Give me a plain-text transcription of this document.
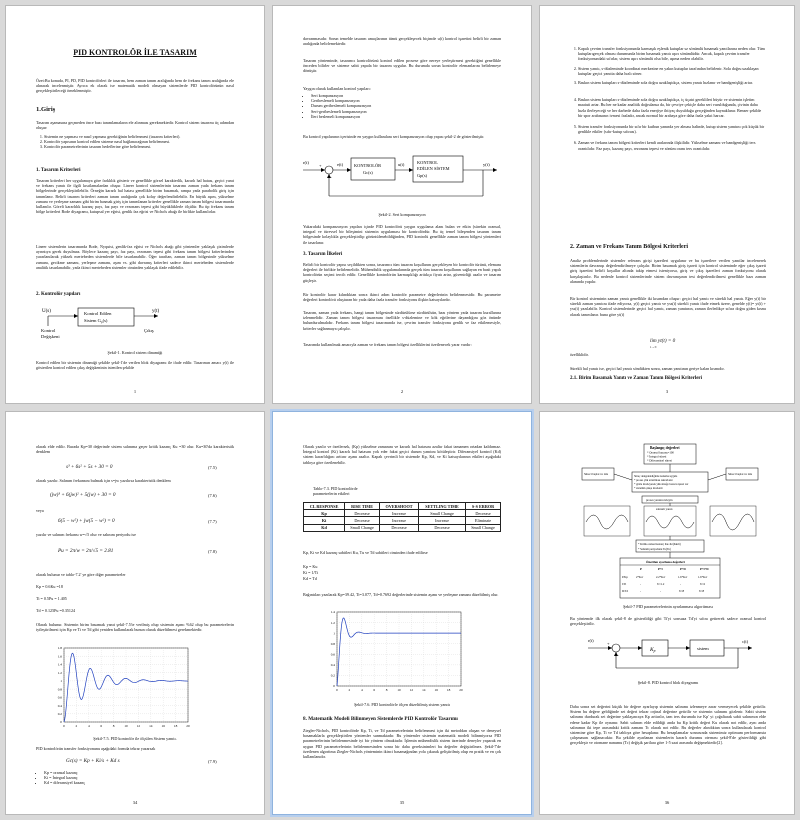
PID KONTROLÖR İLE TASARIM
Özet:Bu konuda, PI, PD, PID kontrolörleri ile tasarım, hem zaman tanım aralığında hem de frekans tanım aralığında ele alınarak incelenmiştir. Ayrıca ek olarak ise matematik modeli olmayan sistemlerde PID kontrolörünün nasıl gerçekleştirileceği örneklenmiştir.
1.Giriş
Tasarım aşamasına geçmeden önce bazı tanımlamaların ele alınması gerekmektedir. Kontrol sistem tasarımı üç adımdan oluşur:
1. Sistemin ne yapması ve nasıl yapması gerektiğinin belirlenmesi (tasarım kriterleri).
2. Kontrolör yapısının kontrol edilen sisteme nasıl bağlanacağının belirlenmesi.
3. Kontrolör parametrelerinin tasarım hedeflerine göre belirlenmesi.
1. Tasarım Kriterleri
Tasarım kriterleri her uygulamaya göre farklılık gösterir ve genellikle görsel karakterlik, kararlı hal hatası, geçici yanıt ve frekans yanıtı ile ilgili kısıtlamalardan oluşur. Lineer kontrol sistemlerinin tasarımı zaman yada frekans tanım bölgelerinde gerçekleştirilebilir. Örneğin kararlı hal hatası genellikle birim basamak, rampa yada parabolik giriş için tanımlanır. Belirli tasarım kriterleri zaman tanım aralığında çok kolay değerlendirilebilir. En büyük aşım, yükselme zamanı ve yerleşme zamanı gibi birim basmak giriş için tanımlanan kriterler genellikle zaman tanım bölgesi tasarımında kullanılır. Göreli kararlılık kazanç payı, faz payı ve rezonans tepesi gibi büyüklüklerle ölçülür. Bu tip frekans tanım bölge kriterleri Bode diyagramı, kutupsal yer eğrisi, genlik faz eğrisi ve Nichols abağı ile birlikte kullanılırlar.
Lineer sistemlerin tasarımında Bode, Nyquist, genlik-faz eğrisi ve Nichols abağı gibi yöntemler yaklaşık çizimlerde ayrıntıya gerek duyulmaz. Böylece kazanç payı, faz payı, rezonans tepesi gibi frekans tanım bölgesi kriterlerinden yararlanılarak yüksek mertebeden sistemlerde bile tasarlanabilir. Öğer taraftan, zaman tanım bölgesinde yükselme zamanı, gecikme zamanı, yerleşme zamanı, aşım vs. gibi davranış kriterleri sadece ikinci mertebeden sistemlerde analitik tasarlanabilir, yada ikinci mertebeden sistemler cinsinden yaklaşık ifade edilebilir.
2. Kontrolör yapıları
U(s)	Kontrol Edilen
Sistem $G_p(s)$
y(t)
Kontrol
Değişkeni
Çıkış
Şekil-1. Kontrol sistem dinamiği
Kontrol edilen bir sistemin dinamiği şekilde şekil-1'de verilen blok diyagramı ile ifade edilir. Tasarımın amacı y(t) ile gösterilen kontrol edilen çıkış değişkeninin istenilen şekilde
1
davranmasıdır. Sorun temelde tasarım amaçlarının tümü gerçekleşecek biçimde u(t) kontrol işaretini belirli bir zaman aralığında belirlemektedir.
Tasarım yönteminde, tasarımcı kontrolörünü kontrol edilen prosese göre nereye yerleştirmesi gerektiğini genellikle önceden bilirler ve sisteme sabit yapıda bir tasarım uygular. Bu durumda sorun kontrolör elemanlarını belirlemeye dönüşür.
Yaygın olarak kullanılan kontrol yapıları:
• Seri kompanzasyon
• Geribeslemeli kompanzasyon
• Durum geribeslemeli kompanzasyon
• Seri-geribeslemeli kompanzasyon
• İleri beslemeli kompanzasyon
Bu kontrol yapılarının içerisinde en yaygın kullanılanı seri kompanzasyon olup yapısı şekil-2 de gösterilmiştir.
r(t)
+
-
e(t) KONTROLÖR
Gc(s)
u(t)	KONTROL
EDİLEN SİSTEM
Gp(s)
y(t)
Şekil-2. Seri kompanzasyon
Yukarıdaki kompanzasyon yapıları içinde PID kontrolörü yaygın uygulama alanı bulan ve etkin (sürekin oransal, integral ve türevsel bir bileşimini sistemin uygulaması bir kontrolördür. Bu üç temel bileşenden tasarım tanım bölgesinde kolaylıkla gerçekleştirilip görüntülenebildiğinden, PID kontrolü genellikle zaman tanım bölgesi yöntemleri ile tasarlanır.
3. Tasarım İlkeleri
Belirli bir kontrolör yapısı seçildikten sonra, tasarımcı tüm tasarım koşullarını gerçekleyen bir kontrolör türünü, elemanı değerleri ile birlikte belirlemelidir. Mühendislik uygulamalarında gerçek tüm tasarım koşullarını sağlayan en basit yapılı kontrolörün seçimi tercih edilir. Genellikle kontrolörün karmaşıklığı arttıkça fiyatı artar, güvenirliği azalır ve tasarım güçleşir.
Bir kontrolör karar kılındıktan sonra ikinci adım kontrolör parametre değerlerinin belirlenmesidir. Bu parametre değerleri kontrolörü oluşturan bir yada daha fazla transfer fonksiyonu ilişkin katsayılardır.
Tasarım, zaman yada frekans, hangi tanım bölgesinde sürdürülürse sürdürülsün, bazı yöntem yada tasarım kurallarına izlenmelidir. Zaman tanım bölgesi tasarımını özellikle s-düzlemine ve kök eğrilerine dayandığını göz önünde bulundurulmalıdır. Frekans tanım bölgesi tasarımında ise, çevrim transfer fonksiyonu genlik ve faz etkilemesiyle, kriterler sağlanmaya çalışılır.
Tasarımda kullanılmak amacıyla zaman ve frekans tanım bölgesi özelliklerini özetlenecek yarar vardır:
2
1. Kapalı çevrim transfer fonksiyonunda karmaşık eşlenik kutuplar sz sönümlü basamak yanıtlarına neden olur. Tüm kutuplarıgerçek olması durumunda birim basamak yanıtı aşırı sönümlüdür. Ancak, kapalı çevrim transfer fonksiyonundaki sıfırlar, sistem aşırı sönümlü olsa bile, aşıma neden olabilir.
2. Sistem yanıtı, s-düzleminde koordinat merkezine en yakın kutuplar tarafından belirlenir. Sola doğru uzaklaşan kutuplar geçici yanıtta daha hızlı söner.
3. Baskın sistem kutupları s-düzleminde sola doğru uzaklaştıkça, sistem yanıtı hızlanır ve bandgenişliği artar.
4. Baskın sistem kutupları s-düzleminde sola doğru uzaklaştıkça, iç üçatıt gereklileri büyür ve sistemin işletim maaiuti artar. Bu her ne kadar analitik doğrulansa da, bir çevriye çekiçle daha sert vurulduğunda, çivinin daha hızla ilerleyeceği ve her darbede daha fazla enerjiye ihtiyaç duyulduğu gerçeğinden kaynaklanır. Benzer şekilde bir spor arabasının ivmesi fazladır, ancak normal bir arabaya göre daha fazla yakıt harcar.
5. Sistem transfer fonksiyonunda bir sıfır bir kutbun yanında yer alması halinde, kutup sistem yanıtını çok küçük bir genlikle etkiler (sıfır-kutup sıfırası).
6. Zaman ve frekans tanım bölgesi kriterleri kendi aralarında ilişkilidir. Yükselme zamanı ve bandgenişliği ters orantılıdır. Faz payı, kazanç payı, rezonans tepesi ve sönüm oranı ters orantılıdır.
2. Zaman ve Frekans Tanım Bölgesi Kriterleri
Analiz problemlerinde sistemler referans girişi işaretleri uygulanır ve bu işaretlere verilen yanıtlar incelenerek sistemlerin davranışı değerlendirilmeye çalışılır. Birim basamak giriş işareti için kontrol sisteminde eğer çıkış işareti giriş işaretini belirli koşullar altında takip etmesi isteniyorsa, giriş ve çıkış işaretleri zaman fonksiyonu olarak karşılaştırılır. Bu nedenle kontrol sistemlerinde sistem davranışının test değerlendirilmesi genellikle bazı zaman alanında yapılır.
Bir kontrol sisteminin zaman yanıtı genellikle iki kısımdan oluşur: geçici hal yanıtı ve sürekli hal yanıtı. Eğer y(t) bir sürekli zaman yanıtını ifade ediyorsa, y(t) geçici yanıtı ve yss(t) sürekli yanıtı ifade etmek üzere, genelde y(t)= yt(t) + yss(t) yazılabilir. Kontrol sistemlerinde geçici hal yanıtı, zaman yanıtının, zaman ilerledikçe sıfıra doğru giden kısmı olarak tanımlanır. buna göre yt(t)
lim yt(t) = 0
t→∞
özelliklidir.
Sürekli hal yanıtı ise, geçici hal yanıtı söndükten sonra, zaman yanıtının geriye kalan kısmıdır.
2.1. Birim Basamak Yanıtı ve Zaman Tanım Bölgesi Kriterleri
3
olarak elde edilir. Burada Kp=30 değerinde sistem salınıma geçer kritik kazanç Ku =30 olur. Ku=30'da karakteristik denklem
s³ + 6s² + 5s + 30 = 0	(7.5)
olarak yazılır. Salınım frekansını bulmak için s=jw yazılırsa karakteristik denklem
(jw)³ + 6(jw)² + 5(jw) + 30 = 0	(7.6)
veya
6(5 − w²) + jw(5 − w²) = 0	(7.7)
yazılır ve salınım frekansı w=√5 olur ve salınım periyodu ise
Pu = 2π/w = 2π/√5 = 2.81	(7.8)
olarak bulunur ve tablo-7.2' ye göre diğer parametreler
Kp = 0.6Ku =18
Ti = 0.5Pu = 1.405
Td = 0.125Pu =0.35124
Olarak bulunur. Sistemin birim basamak yanıt şekil-7.5'te verilmiş olup sistemin aşımı %62 olup bu parametrelerin iyileştirilmesi için Kp ve Ti ve Td gibi yeniden kullanılarak bunun olarak düzeltilmesi gerekmektedir.
1.8
1.6
1.4
1.2
1
0.8
0.6
0.4
0.2
0
0	2	4	6	8	10	12	14	16	18	20
Şekil-7.5. PID kontrolör ile ölçülen Sistem yanıtı.
PID kontrolörün transfer fonksiyonunu aşağıdaki formda tekrar yazarsak
Gc(s) = Kp + Ki/s + Kd s	(7.9)
• Kp = oransal kazanç
• Ki = İntegral kazanç
• Kd = diferansiyel kazanç
34
Olarak yazılır ve özetlersek, (Kp) yükselme zamanını ve kararlı hal hatasını azaltır fakat tamamen ortadan kaldırmaz. İntegral kontrol (Ki) kararlı hal hatasını yok eder fakat geçici durum yanıtını kötüleştirir. Diferansiyel kontrol (Kd) sistem kararlılığını arttırır aşımı azaltır. Kapalı çevrimli bir sistemde Kp, Kd, ve Ki katsayılarının etkileri aşağıdaki tabloya göre özetlenebilir.
Tablo-7.3. PID kontrolörde
parametrelerin etkileri
CL RESPONSE	RISE TIME	OVERSHOOT	SETTLING TIME	S-S ERROR
Kp	Decrease	Increase	Small Change	Decrease
Ki	Decrease	Increase	Increase	Eliminate
Kd	Small Change	Decrease	Decrease	Small Change
Kp, Ki ve Kd kazanç sabitleri Ku, Tu ve Td sabitleri cinsinden ifade edilirse
Kp = Ku
Ki = 1/Ti
Kd = Td
Bağıntıları yazılarak Kp=39.42, Ti=3.077, Td=0.7692 değerlerinde sistemin aşımı ve yerleşme zamanı düzeltilmiş olur.
1.4
1.2
1
0.8
0.6
0.4
0.2
0
0	2	4	6	8	10	12	14	16	18	20
Şekil-7.6. PID kontrolörle ölçen düzeltilmiş sistem yanıtı
8. Matematik Modeli Bilinmeyen Sistemlerde PID Kontrolör Tasarımı
Ziegler-Nichols, PID kontrolörde Kp, Ti, ve Td parametrelerinin belirlenmesi için iki metoddan oluşan ve deneysel basamaklarla gerçekleştirilen yöntemler sunmaktadır. Bu yöntemler sistemin matematik modeli bilinmiyorsa PID parametrelerinin belirlenmesinde iyi bir yöntem olmaktadır. İşlemin mühendislik sistem üzerinde deneyler yaparak en uygun PID parametrelerinin belirlenmesinden sonra bir daha gereksinimleri bu değerler değiştirilmez. Şekil-7'de özetlenen algoritma Ziegler-Nichols yönteminin ikinci basamağından yola çıkarak geliştirilmiş olup en pratik ve en çok kullanılanıdır.
35
Başlangıç değerleri
* Oransal kazanç=100
* İntegral süresi
* Diferansiyel süresi
Süreci başlat ve izle	Süreci başlat ve izle
Süreç dengelendiğinde kademe uygula
* proses yük artırılması tekrarlanır
* gözle inceleyerek yük süreğe bozucu işaret ver
* sistemin çıkışı incelenir
proses yanıtını izleyin
salınım yanıtı
* Kritik oransal kazanç Ku=Kc(Kkrit)
* Salınım periyodunu Tu(Tu)
Önerilen ayarlama değerleri
P	P+I	P+D	P+I+D
P/Kp	2*Kcr	2.2*Kcr	1.6*Kcr	1.6*Kcr
I/Ti	-	Tc/1.2	-	Tc/2
D/Td	-	-	Tc/8	Tc/8
Şekil-7 PID parametrelerinin ayarlanması algoritması
Bu yöntemde ilk olarak şekil-8 de gösterildiği gibi Ti'yi sonsuza Td'yi sıfıra getirerek sadece oransal kontrol gerçekleştirilir.
r(t)
+
-
$K_p$
sistem
c(t)
Şekil-8. PID kontrol blok diyagramı
Daha sonra set değerini küçük bir değere ayarlayıp sistemin salınımı izlenmeye zarar vermeyecek şekilde getirilir. Sistem bu değere geldiğinde set değeri tekrar orjinal değerine getirilir ve sistemin salınımı gözlenir. Sabit sistem salınımı durdurak set değerine yaklaşıncaya Kp arttırılır, tam ters durumda ise Kp' yi çoğaltarak sabit salınımın elde edene kadar Kp ile oynanır. Sabit salınım elde edildiği anda bu Kp kritik değeri Ku olarak not edilir, aynı anda salınımın iki tepe arasındaki kritik zamanı Tc olarak not edilir. Bu değerler alındıktan sonra kullanılacak kontrol sistemine göre Kp, Ti ve Td tabloya göre hesaplanır. Bu hesaplamalar sonrasında sistemimiz optimum performansta çalışmasını sağlanacaktır. Bu şekilde ayarlanan sistemlerin kararlı durumu oternası şekil-8'de gösterildiği gibi gerçekleşir ve otomane nanumu (Tc) değişik şartlara göre 1-5 saat arasında değişmektedir[2].
36
